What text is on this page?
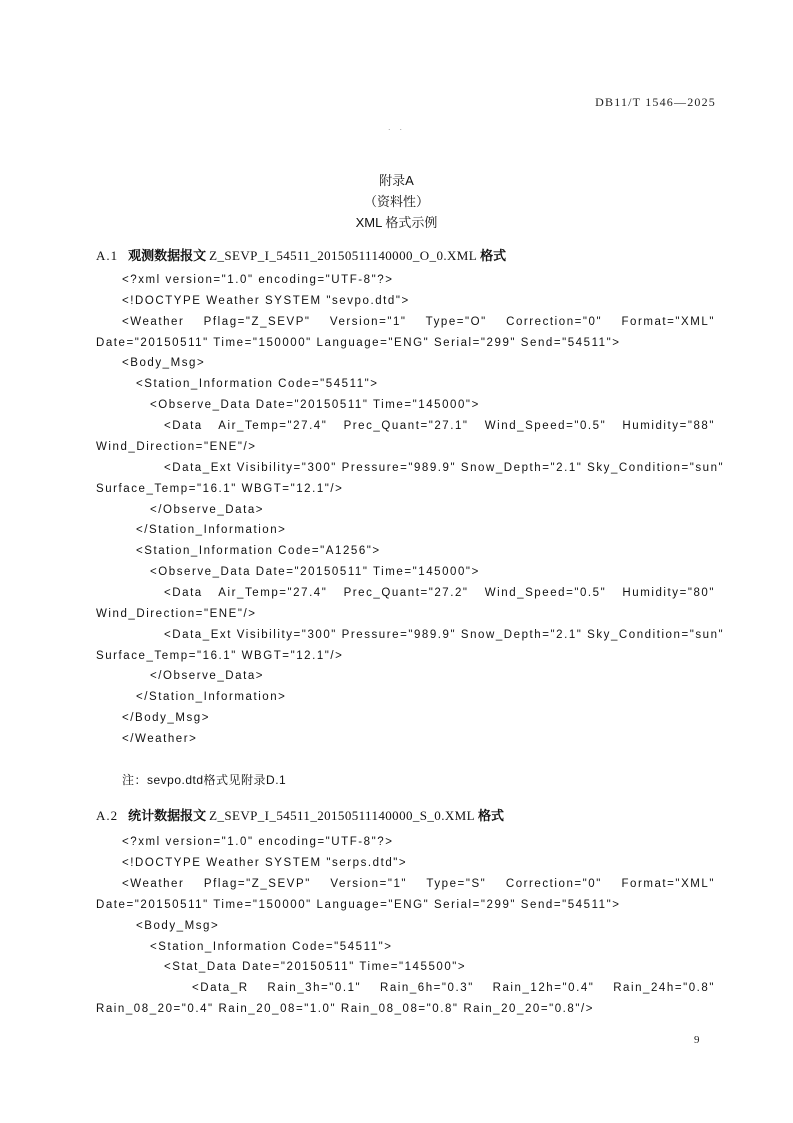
DB11/T 1546—2025
· ·
附录A
（资料性）
XML 格式示例
A.1 观测数据报文 Z_SEVP_I_54511_20150511140000_O_0.XML 格式
<?xml version="1.0" encoding="UTF-8"?>
<!DOCTYPE Weather SYSTEM "sevpo.dtd">
<Weather Pflag="Z_SEVP" Version="1" Type="O" Correction="0" Format="XML"
Date="20150511" Time="150000" Language="ENG" Serial="299" Send="54511">
<Body_Msg>
<Station_Information Code="54511">
<Observe_Data Date="20150511" Time="145000">
<Data Air_Temp="27.4" Prec_Quant="27.1" Wind_Speed="0.5" Humidity="88"
Wind_Direction="ENE"/>
<Data_Ext Visibility="300" Pressure="989.9" Snow_Depth="2.1" Sky_Condition="sun"
Surface_Temp="16.1" WBGT="12.1"/>
</Observe_Data>
</Station_Information>
<Station_Information Code="A1256">
<Observe_Data Date="20150511" Time="145000">
<Data Air_Temp="27.4" Prec_Quant="27.2" Wind_Speed="0.5" Humidity="80"
Wind_Direction="ENE"/>
<Data_Ext Visibility="300" Pressure="989.9" Snow_Depth="2.1" Sky_Condition="sun"
Surface_Temp="16.1" WBGT="12.1"/>
</Observe_Data>
</Station_Information>
</Body_Msg>
</Weather>
注：sevpo.dtd格式见附录D.1
A.2 统计数据报文 Z_SEVP_I_54511_20150511140000_S_0.XML 格式
<?xml version="1.0" encoding="UTF-8"?>
<!DOCTYPE Weather SYSTEM "serps.dtd">
<Weather Pflag="Z_SEVP" Version="1" Type="S" Correction="0" Format="XML"
Date="20150511" Time="150000" Language="ENG" Serial="299" Send="54511">
<Body_Msg>
<Station_Information Code="54511">
<Stat_Data Date="20150511" Time="145500">
<Data_R Rain_3h="0.1" Rain_6h="0.3" Rain_12h="0.4" Rain_24h="0.8"
Rain_08_20="0.4" Rain_20_08="1.0" Rain_08_08="0.8" Rain_20_20="0.8"/>
9
